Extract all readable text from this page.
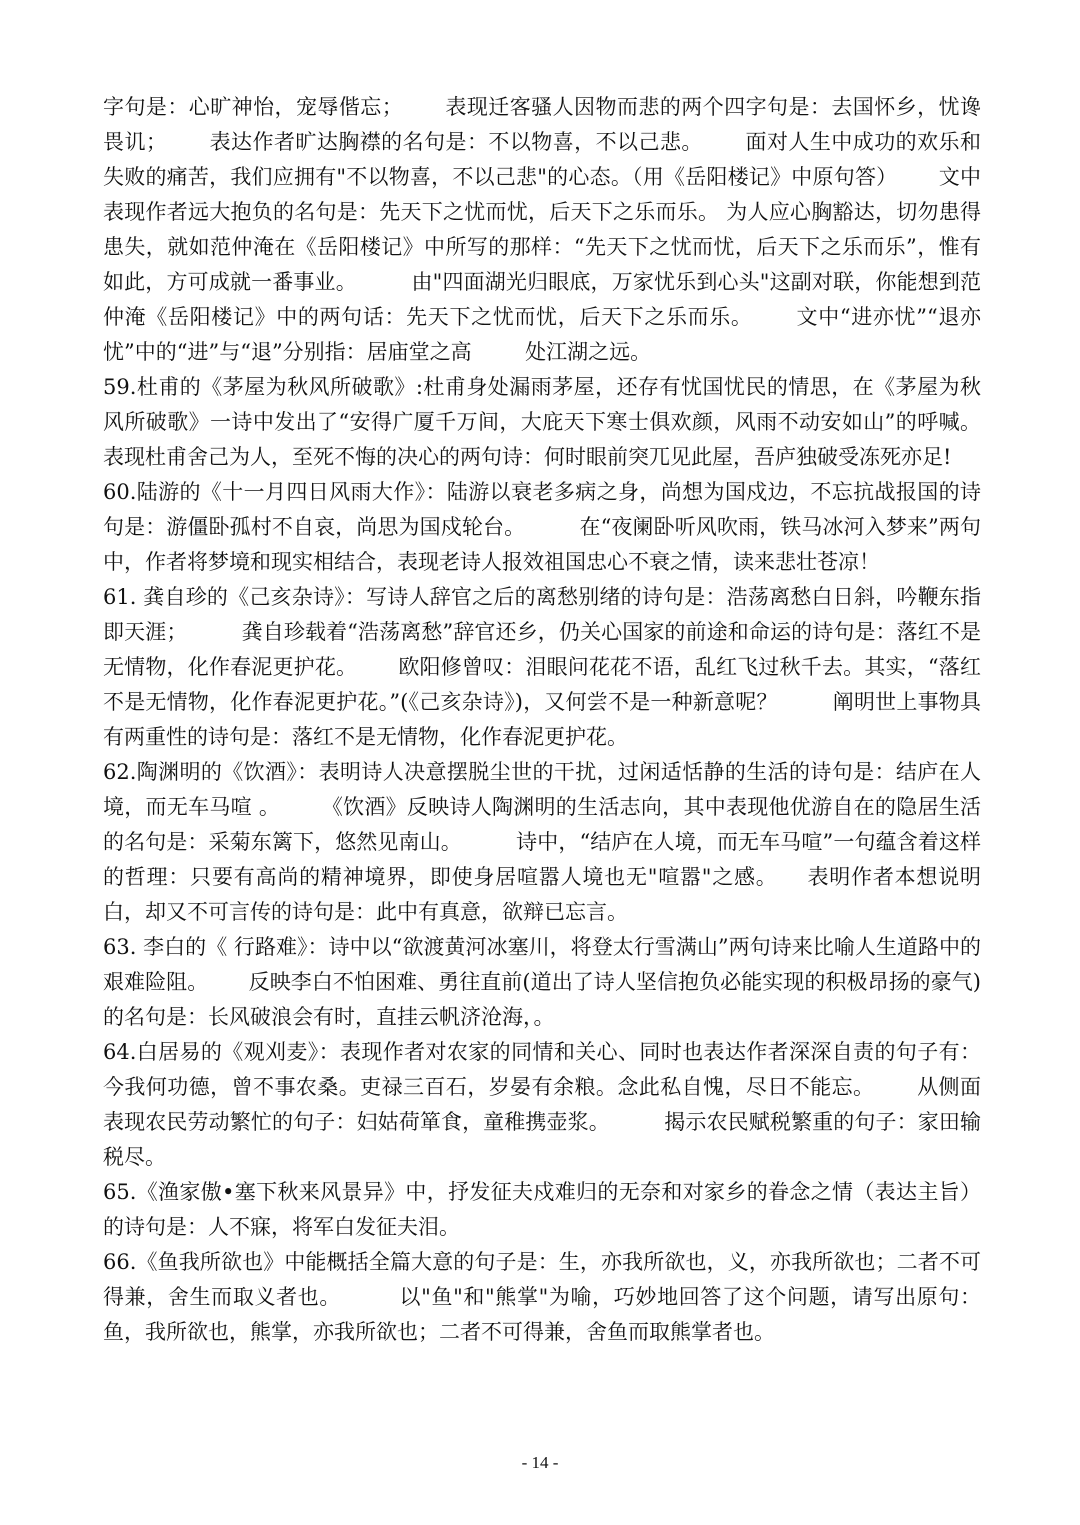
字句是：心旷神怡，宠辱偕忘；      表现迁客骚人因物而悲的两个四字句是：去国怀乡，忧谗畏讥；      表达作者旷达胸襟的名句是：不以物喜，不以己悲。      面对人生中成功的欢乐和失败的痛苦，我们应拥有"不以物喜，不以己悲"的心态。（用《岳阳楼记》中原句答）      文中表现作者远大抱负的名句是：先天下之忧而忧，后天下之乐而乐。 为人应心胸豁达，切勿患得患失，就如范仲淹在《岳阳楼记》中所写的那样：“先天下之忧而忧，后天下之乐而乐”，惟有如此，方可成就一番事业。        由"四面湖光归眼底，万家忧乐到心头"这副对联，你能想到范仲淹《岳阳楼记》中的两句话：先天下之忧而忧，后天下之乐而乐。      文中“进亦忧”“退亦忧”中的“进”与“退”分别指：居庙堂之高        处江湖之远。

59.杜甫的《茅屋为秋风所破歌》:杜甫身处漏雨茅屋，还存有忧国忧民的情思，在《茅屋为秋风所破歌》一诗中发出了“安得广厦千万间，大庇天下寒士俱欢颜，风雨不动安如山”的呼喊。      表现杜甫舍己为人，至死不悔的决心的两句诗：何时眼前突兀见此屋，吾庐独破受冻死亦足!

60.陆游的《十一月四日风雨大作》：陆游以衰老多病之身，尚想为国戍边，不忘抗战报国的诗句是：游僵卧孤村不自哀，尚思为国戍轮台。        在“夜阑卧听风吹雨，铁马冰河入梦来”两句中，作者将梦境和现实相结合，表现老诗人报效祖国忠心不衰之情，读来悲壮苍凉！

61. 龚自珍的《己亥杂诗》：写诗人辞官之后的离愁别绪的诗句是：浩荡离愁白日斜，吟鞭东指即天涯；        龚自珍载着“浩荡离愁”辞官还乡，仍关心国家的前途和命运的诗句是：落红不是无情物，化作春泥更护花。      欧阳修曾叹：泪眼问花花不语，乱红飞过秋千去。其实，“落红不是无情物，化作春泥更护花。”(《己亥杂诗》)，又何尝不是一种新意呢？        阐明世上事物具有两重性的诗句是：落红不是无情物，化作春泥更护花。

62.陶渊明的《饮酒》：表明诗人决意摆脱尘世的干扰，过闲适恬静的生活的诗句是：结庐在人境，而无车马喧 。      《饮酒》反映诗人陶渊明的生活志向，其中表现他优游自在的隐居生活的名句是：采菊东篱下，悠然见南山。        诗中，“结庐在人境，而无车马喧”一句蕴含着这样的哲理：只要有高尚的精神境界，即使身居喧嚣人境也无"喧嚣"之感。    表明作者本想说明白，却又不可言传的诗句是：此中有真意，欲辩已忘言。

63. 李白的《 行路难》：诗中以“欲渡黄河冰塞川，将登太行雪满山”两句诗来比喻人生道路中的艰难险阻。      反映李白不怕困难、勇往直前(道出了诗人坚信抱负必能实现的积极昂扬的豪气)的名句是：长风破浪会有时，直挂云帆济沧海，。

64.白居易的《观刈麦》：表现作者对农家的同情和关心、同时也表达作者深深自责的句子有：今我何功德，曾不事农桑。吏禄三百石，岁晏有余粮。念此私自愧，尽日不能忘。      从侧面表现农民劳动繁忙的句子：妇姑荷箪食，童稚携壶浆。        揭示农民赋税繁重的句子：家田输税尽。

65.《渔家傲•塞下秋来风景异》中，抒发征夫戍难归的无奈和对家乡的眷念之情（表达主旨）的诗句是：人不寐，将军白发征夫泪。

66.《鱼我所欲也》中能概括全篇大意的句子是：生，亦我所欲也，义，亦我所欲也；二者不可得兼，舍生而取义者也。        以"鱼"和"熊掌"为喻，巧妙地回答了这个问题，请写出原句：鱼，我所欲也，熊掌，亦我所欲也；二者不可得兼，舍鱼而取熊掌者也。

- 14 -
